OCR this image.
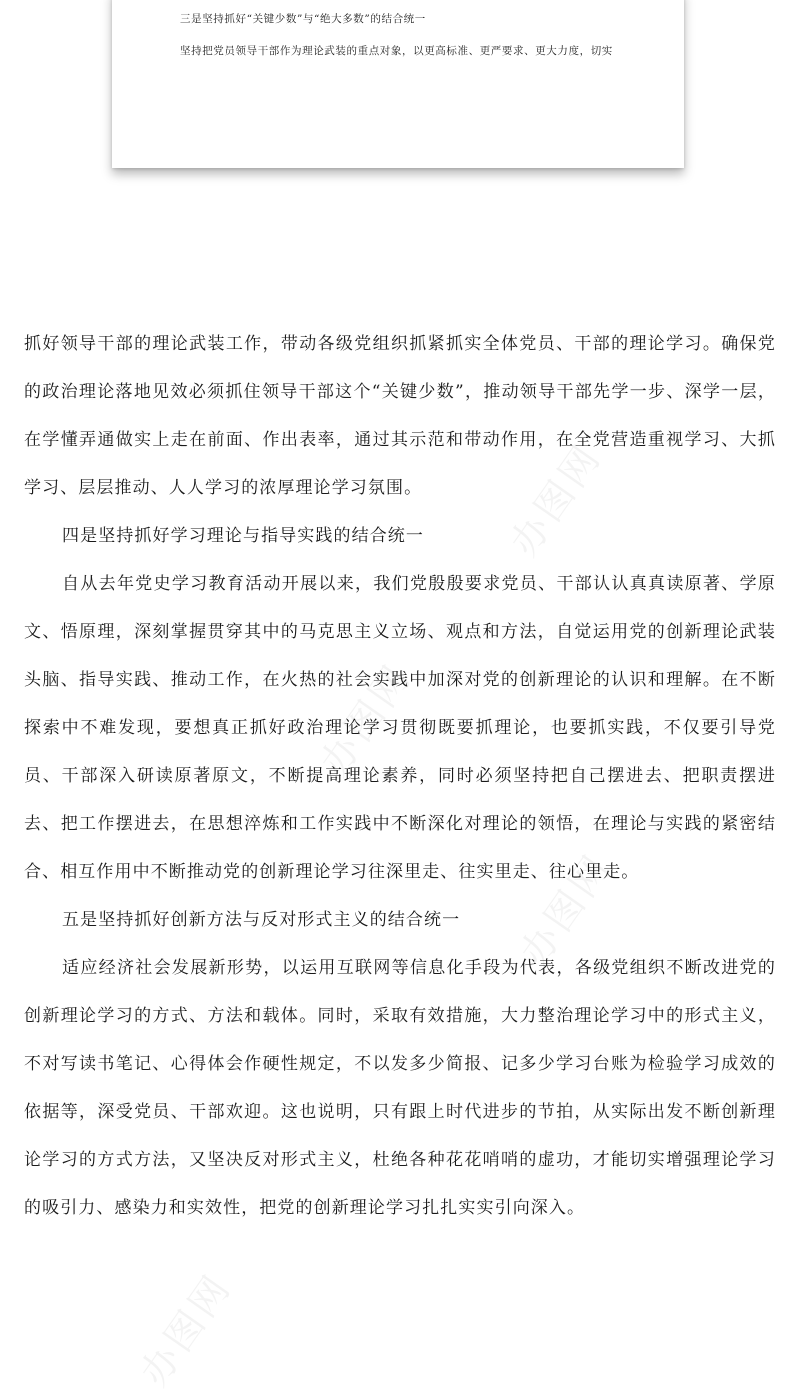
三是坚持抓好“关键少数”与“绝大多数”的结合统一
坚持把党员领导干部作为理论武装的重点对象，以更高标准、更严要求、更大力度，切实
办图网
办图网
办图网
办图网

抓好领导干部的理论武装工作，带动各级党组织抓紧抓实全体党员、干部的理论学习。确保党的政治理论落地见效必须抓住领导干部这个“关键少数”，推动领导干部先学一步、深学一层，在学懂弄通做实上走在前面、作出表率，通过其示范和带动作用，在全党营造重视学习、大抓学习、层层推动、人人学习的浓厚理论学习氛围。

四是坚持抓好学习理论与指导实践的结合统一

自从去年党史学习教育活动开展以来，我们党殷殷要求党员、干部认认真真读原著、学原文、悟原理，深刻掌握贯穿其中的马克思主义立场、观点和方法，自觉运用党的创新理论武装头脑、指导实践、推动工作，在火热的社会实践中加深对党的创新理论的认识和理解。在不断探索中不难发现，要想真正抓好政治理论学习贯彻既要抓理论，也要抓实践，不仅要引导党员、干部深入研读原著原文，不断提高理论素养，同时必须坚持把自己摆进去、把职责摆进去、把工作摆进去，在思想淬炼和工作实践中不断深化对理论的领悟，在理论与实践的紧密结合、相互作用中不断推动党的创新理论学习往深里走、往实里走、往心里走。

五是坚持抓好创新方法与反对形式主义的结合统一

适应经济社会发展新形势，以运用互联网等信息化手段为代表，各级党组织不断改进党的创新理论学习的方式、方法和载体。同时，采取有效措施，大力整治理论学习中的形式主义，不对写读书笔记、心得体会作硬性规定，不以发多少简报、记多少学习台账为检验学习成效的依据等，深受党员、干部欢迎。这也说明，只有跟上时代进步的节拍，从实际出发不断创新理论学习的方式方法，又坚决反对形式主义，杜绝各种花花哨哨的虚功，才能切实增强理论学习的吸引力、感染力和实效性，把党的创新理论学习扎扎实实引向深入。
